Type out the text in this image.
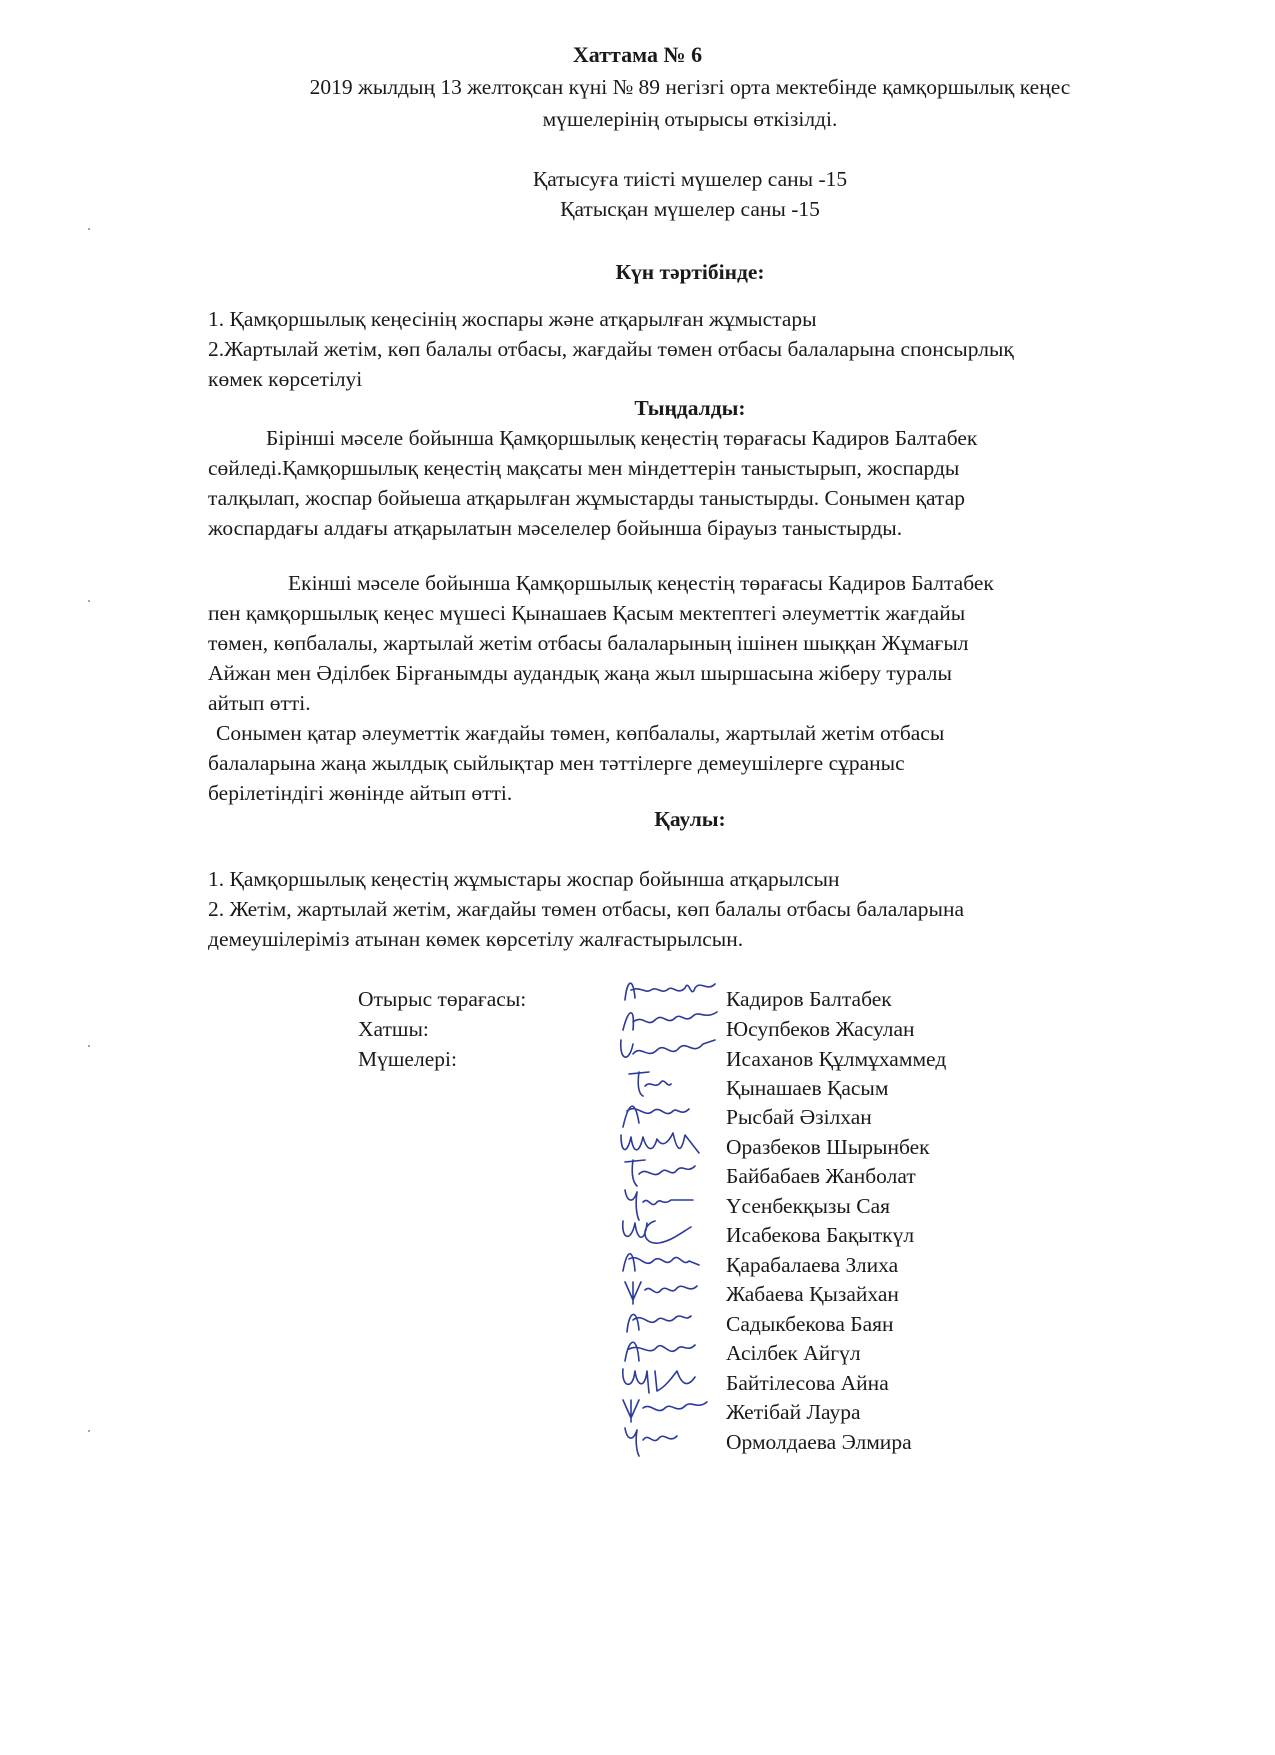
Хаттама № 6
2019 жылдың 13 желтоқсан күні № 89 негізгі орта мектебінде қамқоршылық кеңес
мүшелерінің отырысы өткізілді.
Қатысуға тиісті мүшелер саны -15
Қатысқан мүшелер саны -15
Күн тәртібінде:
1. Қамқоршылық кеңесінің жоспары және атқарылған жұмыстары
2.Жартылай жетім, көп балалы отбасы, жағдайы төмен отбасы балаларына спонсырлық
көмек көрсетілуі
Тыңдалды:
Бірінші мәселе бойынша Қамқоршылық кеңестің төрағасы Кадиров Балтабек
сөйледі.Қамқоршылық кеңестің мақсаты мен міндеттерін таныстырып, жоспарды
талқылап, жоспар бойыеша атқарылған жұмыстарды таныстырды. Сонымен қатар
жоспардағы алдағы атқарылатын мәселелер бойынша бірауыз таныстырды.
Екінші мәселе бойынша Қамқоршылық кеңестің төрағасы Кадиров Балтабек
пен қамқоршылық кеңес мүшесі Қынашаев Қасым мектептегі әлеуметтік жағдайы
төмен, көпбалалы, жартылай жетім отбасы балаларының ішінен шыққан Жұмағыл
Айжан мен Әділбек Бірғанымды аудандық жаңа жыл шыршасына жіберу туралы
айтып өтті.
Сонымен қатар әлеуметтік жағдайы төмен, көпбалалы, жартылай жетім отбасы
балаларына жаңа жылдық сыйлықтар мен тәттілерге демеушілерге сұраныс
берілетіндігі жөнінде айтып өтті.
Қаулы:
1. Қамқоршылық кеңестің жұмыстары жоспар бойынша атқарылсын
2. Жетім, жартылай жетім, жағдайы төмен отбасы, көп балалы отбасы балаларына
демеушілеріміз атынан көмек көрсетілу жалғастырылсын.
Отырыс төрағасы:
Хатшы:
Мүшелері:
Кадиров Балтабек
Юсупбеков Жасулан
Исаханов Құлмұхаммед
Қынашаев Қасым
Рысбай Әзілхан
Оразбеков Шырынбек
Байбабаев Жанболат
Үсенбекқызы Сая
Исабекова Бақыткүл
Қарабалаева Злиха
Жабаева Қызайхан
Садыкбекова Баян
Асілбек Айгүл
Байтілесова Айна
Жетібай Лаура
Ормолдаева Элмира
